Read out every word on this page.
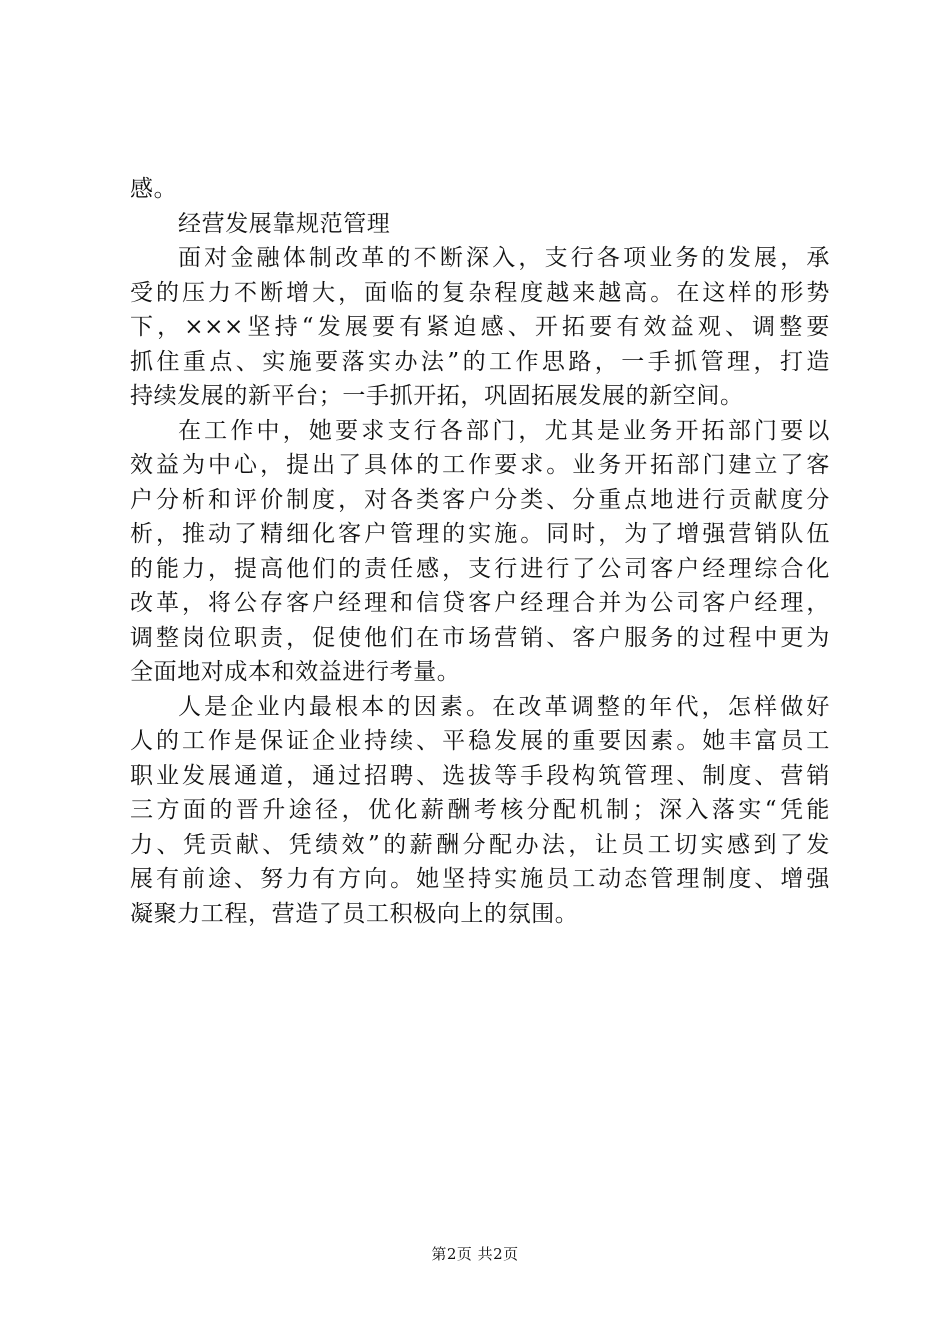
感。
经营发展靠规范管理
面对金融体制改革的不断深入，支行各项业务的发展，承
受的压力不断增大，面临的复杂程度越来越高。在这样的形势
下，×××坚持“发展要有紧迫感、开拓要有效益观、调整要
抓住重点、实施要落实办法”的工作思路，一手抓管理，打造
持续发展的新平台；一手抓开拓，巩固拓展发展的新空间。
在工作中，她要求支行各部门，尤其是业务开拓部门要以
效益为中心，提出了具体的工作要求。业务开拓部门建立了客
户分析和评价制度，对各类客户分类、分重点地进行贡献度分
析，推动了精细化客户管理的实施。同时，为了增强营销队伍
的能力，提高他们的责任感，支行进行了公司客户经理综合化
改革，将公存客户经理和信贷客户经理合并为公司客户经理，
调整岗位职责，促使他们在市场营销、客户服务的过程中更为
全面地对成本和效益进行考量。
人是企业内最根本的因素。在改革调整的年代，怎样做好
人的工作是保证企业持续、平稳发展的重要因素。她丰富员工
职业发展通道，通过招聘、选拔等手段构筑管理、制度、营销
三方面的晋升途径，优化薪酬考核分配机制；深入落实“凭能
力、凭贡献、凭绩效”的薪酬分配办法，让员工切实感到了发
展有前途、努力有方向。她坚持实施员工动态管理制度、增强
凝聚力工程，营造了员工积极向上的氛围。
第2页 共2页
